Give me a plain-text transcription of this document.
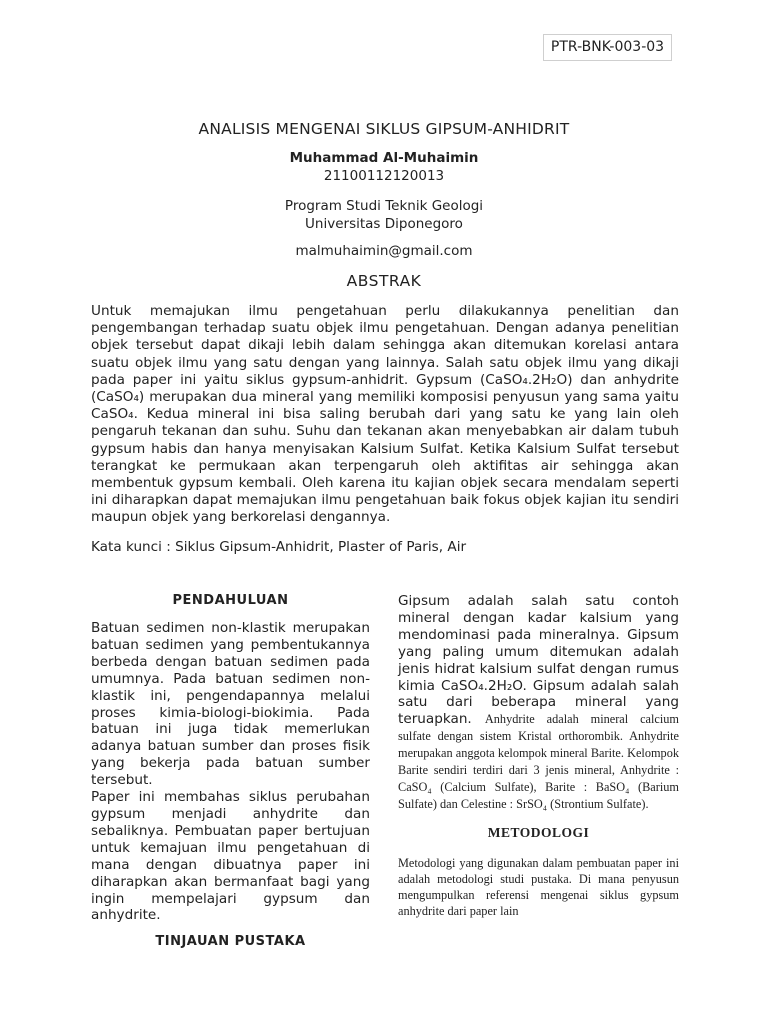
PTR-BNK-003-03
ANALISIS MENGENAI SIKLUS GIPSUM-ANHIDRIT
Muhammad Al-Muhaimin
21100112120013
Program Studi Teknik Geologi
Universitas Diponegoro
malmuhaimin@gmail.com
ABSTRAK
Untuk memajukan ilmu pengetahuan perlu dilakukannya penelitian dan pengembangan terhadap suatu objek ilmu pengetahuan. Dengan adanya penelitian objek tersebut dapat dikaji lebih dalam sehingga akan ditemukan korelasi antara suatu objek ilmu yang satu dengan yang lainnya. Salah satu objek ilmu yang dikaji pada paper ini yaitu siklus gypsum-anhidrit. Gypsum (CaSO₄.2H₂O) dan anhydrite (CaSO₄) merupakan dua mineral yang memiliki komposisi penyusun yang sama yaitu CaSO₄. Kedua mineral ini bisa saling berubah dari yang satu ke yang lain oleh pengaruh tekanan dan suhu. Suhu dan tekanan akan menyebabkan air dalam tubuh gypsum habis dan hanya menyisakan Kalsium Sulfat. Ketika Kalsium Sulfat tersebut terangkat ke permukaan akan terpengaruh oleh aktifitas air sehingga akan membentuk gypsum kembali. Oleh karena itu kajian objek secara mendalam seperti ini diharapkan dapat memajukan ilmu pengetahuan baik fokus objek kajian itu sendiri maupun objek yang berkorelasi dengannya.
Kata kunci : Siklus Gipsum-Anhidrit, Plaster of Paris, Air
PENDAHULUAN

Batuan sedimen non-klastik merupakan batuan sedimen yang pembentukannya berbeda dengan batuan sedimen pada umumnya. Pada batuan sedimen non-klastik ini, pengendapannya melalui proses kimia-biologi-biokimia. Pada batuan ini juga tidak memerlukan adanya batuan sumber dan proses fisik yang bekerja pada batuan sumber tersebut.

Paper ini membahas siklus perubahan gypsum menjadi anhydrite dan sebaliknya. Pembuatan paper bertujuan untuk kemajuan ilmu pengetahuan di mana dengan dibuatnya paper ini diharapkan akan bermanfaat bagi yang ingin mempelajari gypsum dan anhydrite.

TINJAUAN PUSTAKA

Gipsum adalah salah satu contoh mineral dengan kadar kalsium yang mendominasi pada mineralnya. Gipsum yang paling umum ditemukan adalah jenis hidrat kalsium sulfat dengan rumus kimia CaSO₄.2H₂O. Gipsum adalah salah satu dari beberapa mineral yang teruapkan. Anhydrite adalah mineral calcium sulfate dengan sistem Kristal orthorombik. Anhydrite merupakan anggota kelompok mineral Barite. Kelompok Barite sendiri terdiri dari 3 jenis mineral, Anhydrite : CaSO₄ (Calcium Sulfate), Barite : BaSO₄ (Barium Sulfate) dan Celestine : SrSO₄ (Strontium Sulfate).

METODOLOGI

Metodologi yang digunakan dalam pembuatan paper ini adalah metodologi studi pustaka. Di mana penyusun mengumpulkan referensi mengenai siklus gypsum anhydrite dari paper lain
